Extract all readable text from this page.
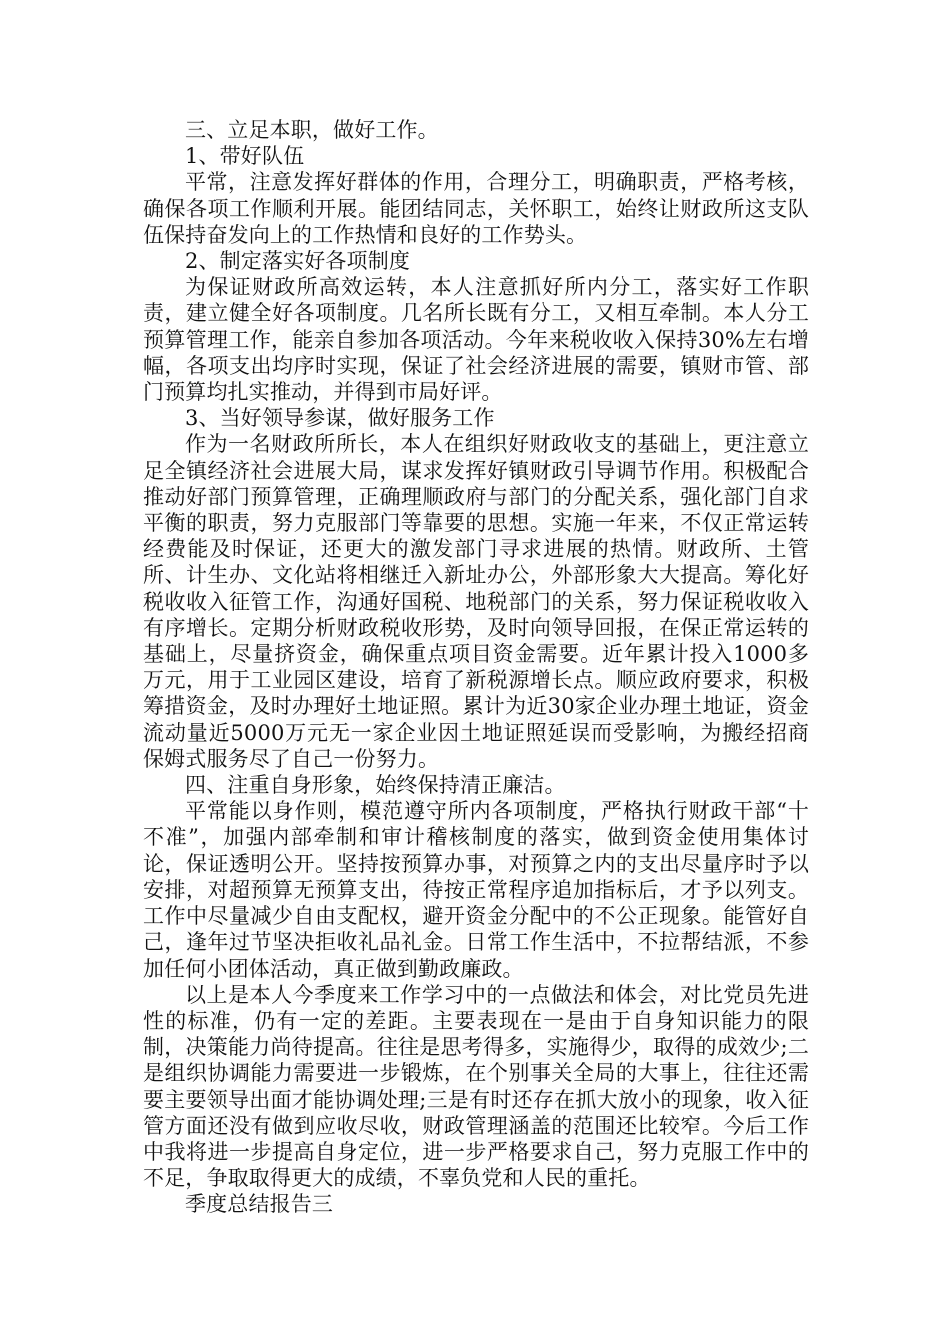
三、立足本职，做好工作。

1、带好队伍

平常，注意发挥好群体的作用，合理分工，明确职责，严格考核，确保各项工作顺利开展。能团结同志，关怀职工，始终让财政所这支队伍保持奋发向上的工作热情和良好的工作势头。

2、制定落实好各项制度

为保证财政所高效运转，本人注意抓好所内分工，落实好工作职责，建立健全好各项制度。几名所长既有分工，又相互牵制。本人分工预算管理工作，能亲自参加各项活动。今年来税收收入保持30%左右增幅，各项支出均序时实现，保证了社会经济进展的需要，镇财市管、部门预算均扎实推动，并得到市局好评。

3、当好领导参谋，做好服务工作

作为一名财政所所长，本人在组织好财政收支的基础上，更注意立足全镇经济社会进展大局，谋求发挥好镇财政引导调节作用。积极配合推动好部门预算管理，正确理顺政府与部门的分配关系，强化部门自求平衡的职责，努力克服部门等靠要的思想。实施一年来，不仅正常运转经费能及时保证，还更大的激发部门寻求进展的热情。财政所、土管所、计生办、文化站将相继迁入新址办公，外部形象大大提高。筹化好税收收入征管工作，沟通好国税、地税部门的关系，努力保证税收收入有序增长。定期分析财政税收形势，及时向领导回报，在保正常运转的基础上，尽量挤资金，确保重点项目资金需要。近年累计投入1000多万元，用于工业园区建设，培育了新税源增长点。顺应政府要求，积极筹措资金，及时办理好土地证照。累计为近30家企业办理土地证，资金流动量近5000万元无一家企业因土地证照延误而受影响，为搬经招商保姆式服务尽了自己一份努力。

四、注重自身形象，始终保持清正廉洁。

平常能以身作则，模范遵守所内各项制度，严格执行财政干部“十不准”，加强内部牵制和审计稽核制度的落实，做到资金使用集体讨论，保证透明公开。坚持按预算办事，对预算之内的支出尽量序时予以安排，对超预算无预算支出，待按正常程序追加指标后，才予以列支。工作中尽量减少自由支配权，避开资金分配中的不公正现象。能管好自己，逢年过节坚决拒收礼品礼金。日常工作生活中，不拉帮结派，不参加任何小团体活动，真正做到勤政廉政。

以上是本人今季度来工作学习中的一点做法和体会，对比党员先进性的标准，仍有一定的差距。主要表现在一是由于自身知识能力的限制，决策能力尚待提高。往往是思考得多，实施得少，取得的成效少;二是组织协调能力需要进一步锻炼，在个别事关全局的大事上，往往还需要主要领导出面才能协调处理;三是有时还存在抓大放小的现象，收入征管方面还没有做到应收尽收，财政管理涵盖的范围还比较窄。今后工作中我将进一步提高自身定位，进一步严格要求自己，努力克服工作中的不足，争取取得更大的成绩，不辜负党和人民的重托。

季度总结报告三
